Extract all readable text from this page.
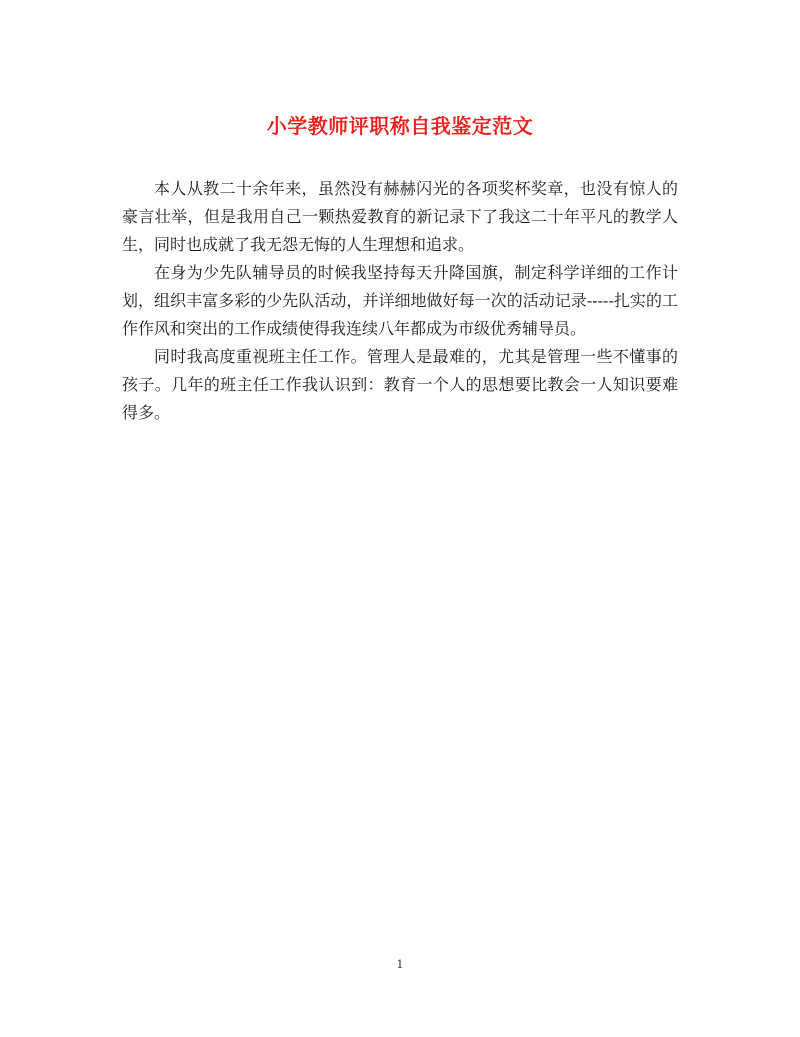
小学教师评职称自我鉴定范文

本人从教二十余年来，虽然没有赫赫闪光的各项奖杯奖章，也没有惊人的豪言壮举，但是我用自己一颗热爱教育的新记录下了我这二十年平凡的教学人生，同时也成就了我无怨无悔的人生理想和追求。

在身为少先队辅导员的时候我坚持每天升降国旗，制定科学详细的工作计划，组织丰富多彩的少先队活动，并详细地做好每一次的活动记录-----扎实的工作作风和突出的工作成绩使得我连续八年都成为市级优秀辅导员。

同时我高度重视班主任工作。管理人是最难的，尤其是管理一些不懂事的孩子。几年的班主任工作我认识到：教育一个人的思想要比教会一人知识要难得多。

1
